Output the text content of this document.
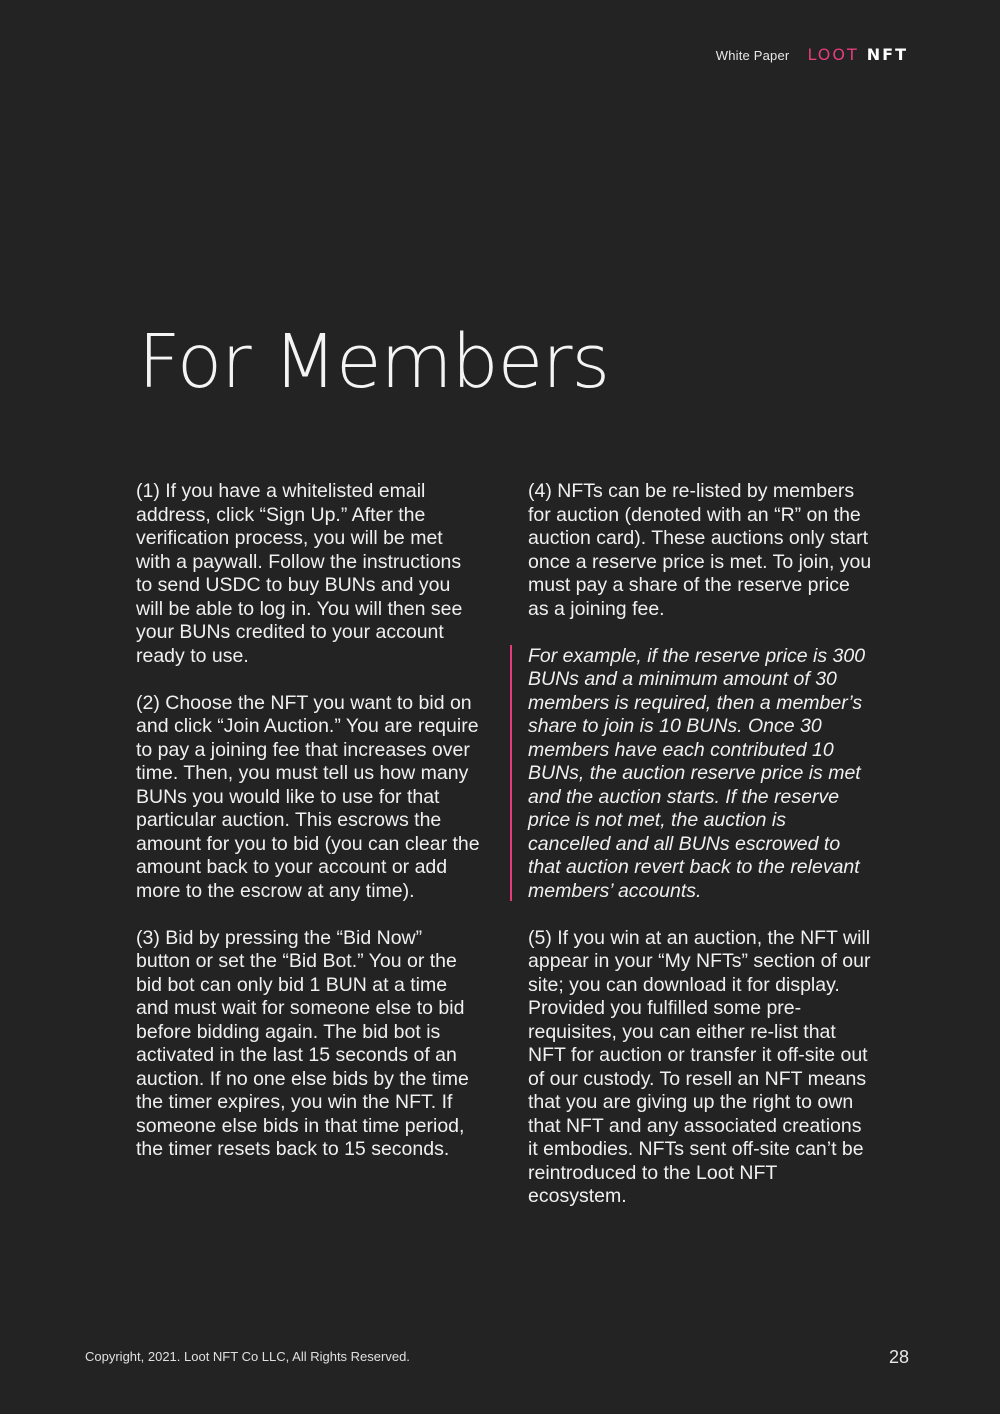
White Paper LOOT NFT
For Members

(1) If you have a whitelisted email address, click “Sign Up.” After the verification process, you will be met with a paywall. Follow the instructions to send USDC to buy BUNs and you will be able to log in. You will then see your BUNs credited to your account ready to use.

(2) Choose the NFT you want to bid on and click “Join Auction.” You are require to pay a joining fee that increases over time. Then, you must tell us how many BUNs you would like to use for that particular auction. This escrows the amount for you to bid (you can clear the amount back to your account or add more to the escrow at any time).

(3) Bid by pressing the “Bid Now” button or set the “Bid Bot.” You or the bid bot can only bid 1 BUN at a time and must wait for someone else to bid before bidding again. The bid bot is activated in the last 15 seconds of an auction. If no one else bids by the time the timer expires, you win the NFT. If someone else bids in that time period, the timer resets back to 15 seconds.

(4) NFTs can be re-listed by members for auction (denoted with an “R” on the auction card). These auctions only start once a reserve price is met. To join, you must pay a share of the reserve price as a joining fee.

For example, if the reserve price is 300 BUNs and a minimum amount of 30 members is required, then a member’s share to join is 10 BUNs. Once 30 members have each contributed 10 BUNs, the auction reserve price is met and the auction starts. If the reserve price is not met, the auction is cancelled and all BUNs escrowed to that auction revert back to the relevant members’ accounts.

(5) If you win at an auction, the NFT will appear in your “My NFTs” section of our site; you can download it for display. Provided you fulfilled some pre-requisites, you can either re-list that NFT for auction or transfer it off-site out of our custody. To resell an NFT means that you are giving up the right to own that NFT and any associated creations it embodies. NFTs sent off-site can’t be reintroduced to the Loot NFT ecosystem.

Copyright, 2021. Loot NFT Co LLC, All Rights Reserved.	28
